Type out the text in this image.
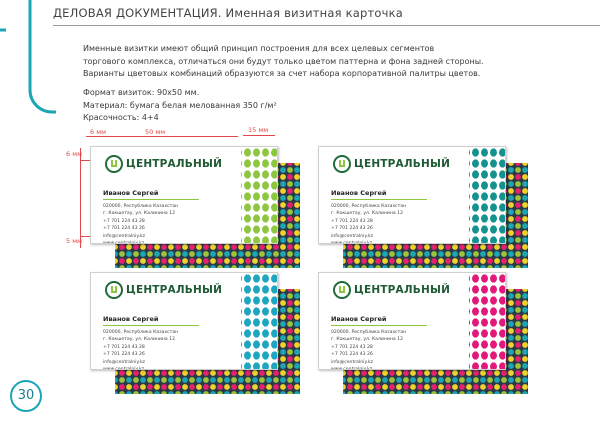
ДЕЛОВАЯ ДОКУМЕНТАЦИЯ. Именная визитная карточка
Именные визитки имеют общий принцип построения для всех целевых сегментов
торгового комплекса, отличаться они будут только цветом паттерна и фона задней стороны.
Варианты цветовых комбинаций образуются за счет набора корпоративной палитры цветов.
Формат визиток: 90х50 мм.
Материал: бумага белая мелованная 350 г/м²
Красочность: 4+4
6 мм	50 мм	15 мм
6 мм
5 мм
ЦЕНТРАЛЬНЫЙ
Иванов Сергей
020000, Республика Казахстан
г. Кокшетау, ул. Калинина 12
+7 701 224 43 28
+7 701 224 43 26
info@centralniy.kz
www.centralniy.kz
ЦЕНТРАЛЬНЫЙ
Иванов Сергей
020000, Республика Казахстан
г. Кокшетау, ул. Калинина 12
+7 701 224 43 28
+7 701 224 43 26
info@centralniy.kz
www.centralniy.kz
ЦЕНТРАЛЬНЫЙ
Иванов Сергей
020000, Республика Казахстан
г. Кокшетау, ул. Калинина 12
+7 701 224 43 28
+7 701 224 43 26
info@centralniy.kz
www.centralniy.kz
ЦЕНТРАЛЬНЫЙ
Иванов Сергей
020000, Республика Казахстан
г. Кокшетау, ул. Калинина 12
+7 701 224 43 28
+7 701 224 43 26
info@centralniy.kz
www.centralniy.kz
30
